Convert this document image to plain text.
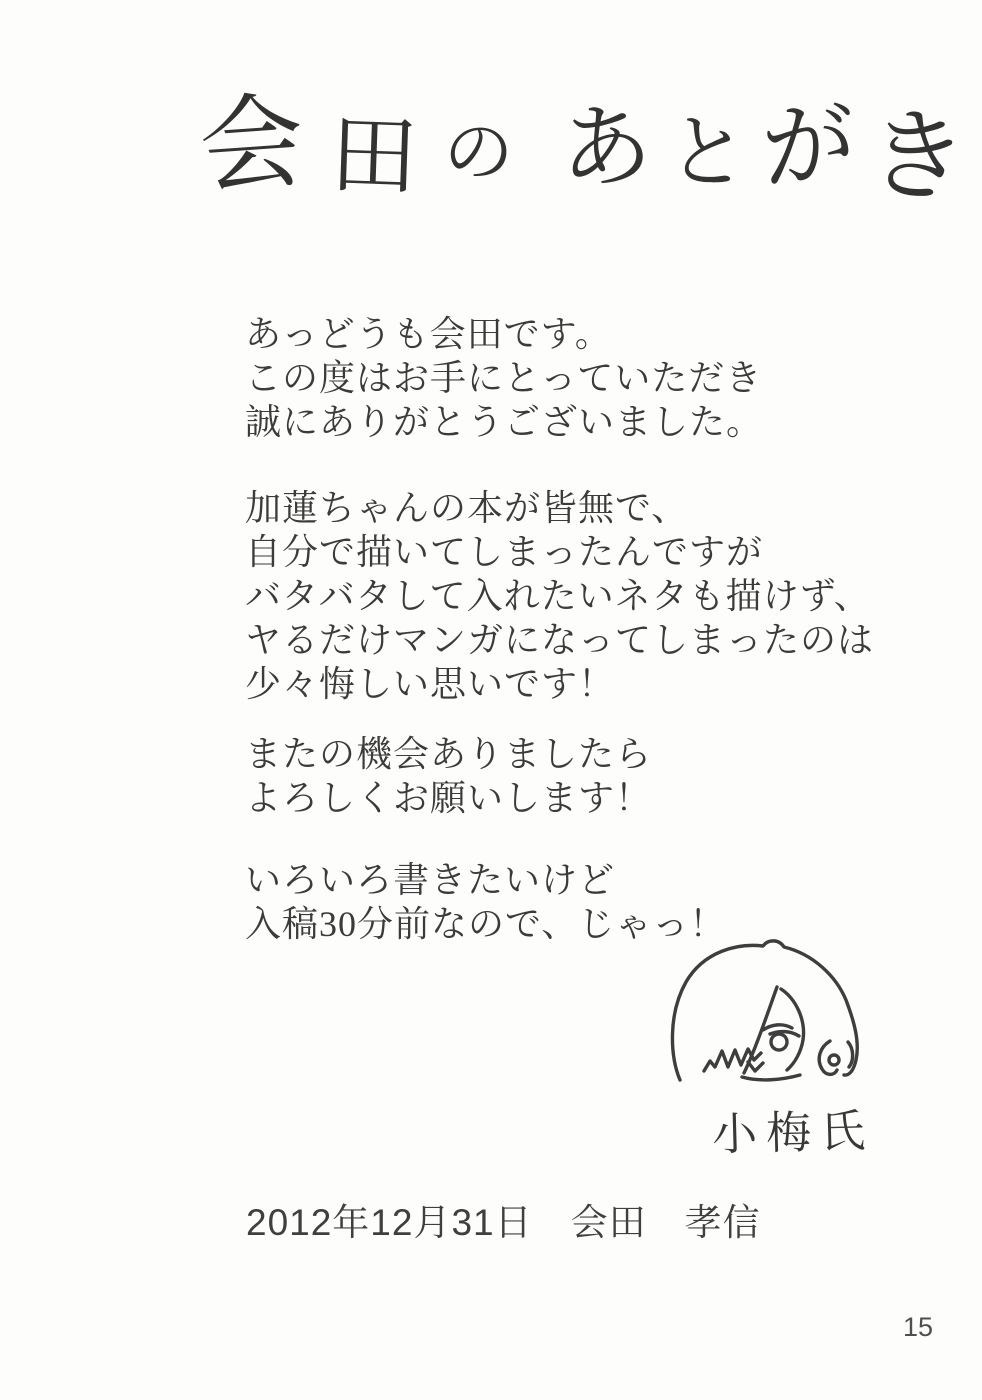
会 田 の あ と が き
あっどうも会田です。
この度はお手にとっていただき
誠にありがとうございました。
加蓮ちゃんの本が皆無で、
自分で描いてしまったんですが
バタバタして入れたいネタも描けず、
ヤるだけマンガになってしまったのは
少々悔しい思いです！
またの機会ありましたら
よろしくお願いします！
いろいろ書きたいけど
入稿30分前なので、じゃっ！
小梅氏
2012年12月31日　会田　孝信
15
